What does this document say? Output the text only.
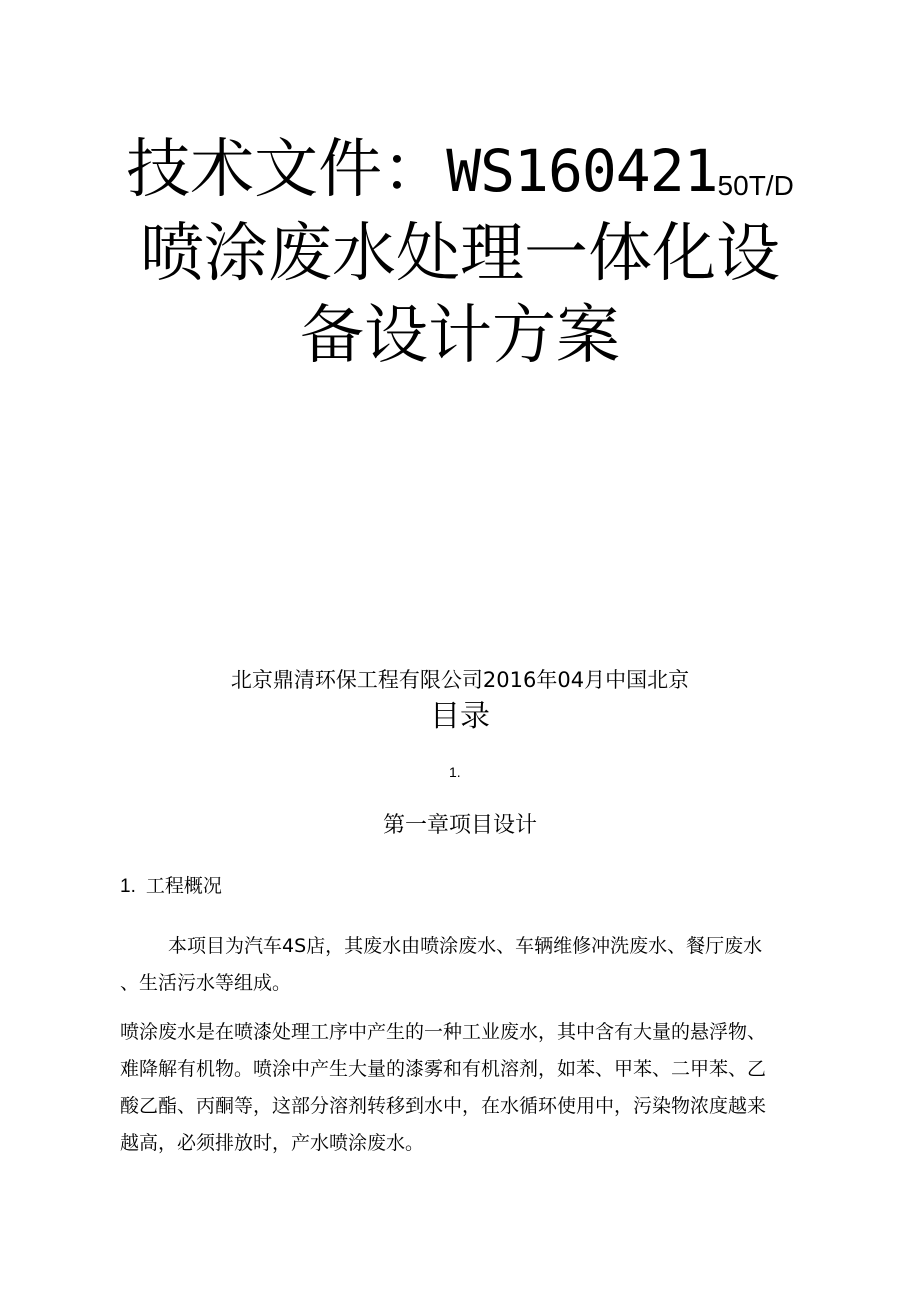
技术文件：WS16042150T/D
喷涂废水处理一体化设
备设计方案
北京鼎清环保工程有限公司2016年04月中国北京
目录
1.
第一章项目设计
1. 工程概况
本项目为汽车4S店，其废水由喷涂废水、车辆维修冲洗废水、餐厅废水
、生活污水等组成。
喷涂废水是在喷漆处理工序中产生的一种工业废水，其中含有大量的悬浮物、
难降解有机物。喷涂中产生大量的漆雾和有机溶剂，如苯、甲苯、二甲苯、乙
酸乙酯、丙酮等，这部分溶剂转移到水中，在水循环使用中，污染物浓度越来
越高，必须排放时，产水喷涂废水。
